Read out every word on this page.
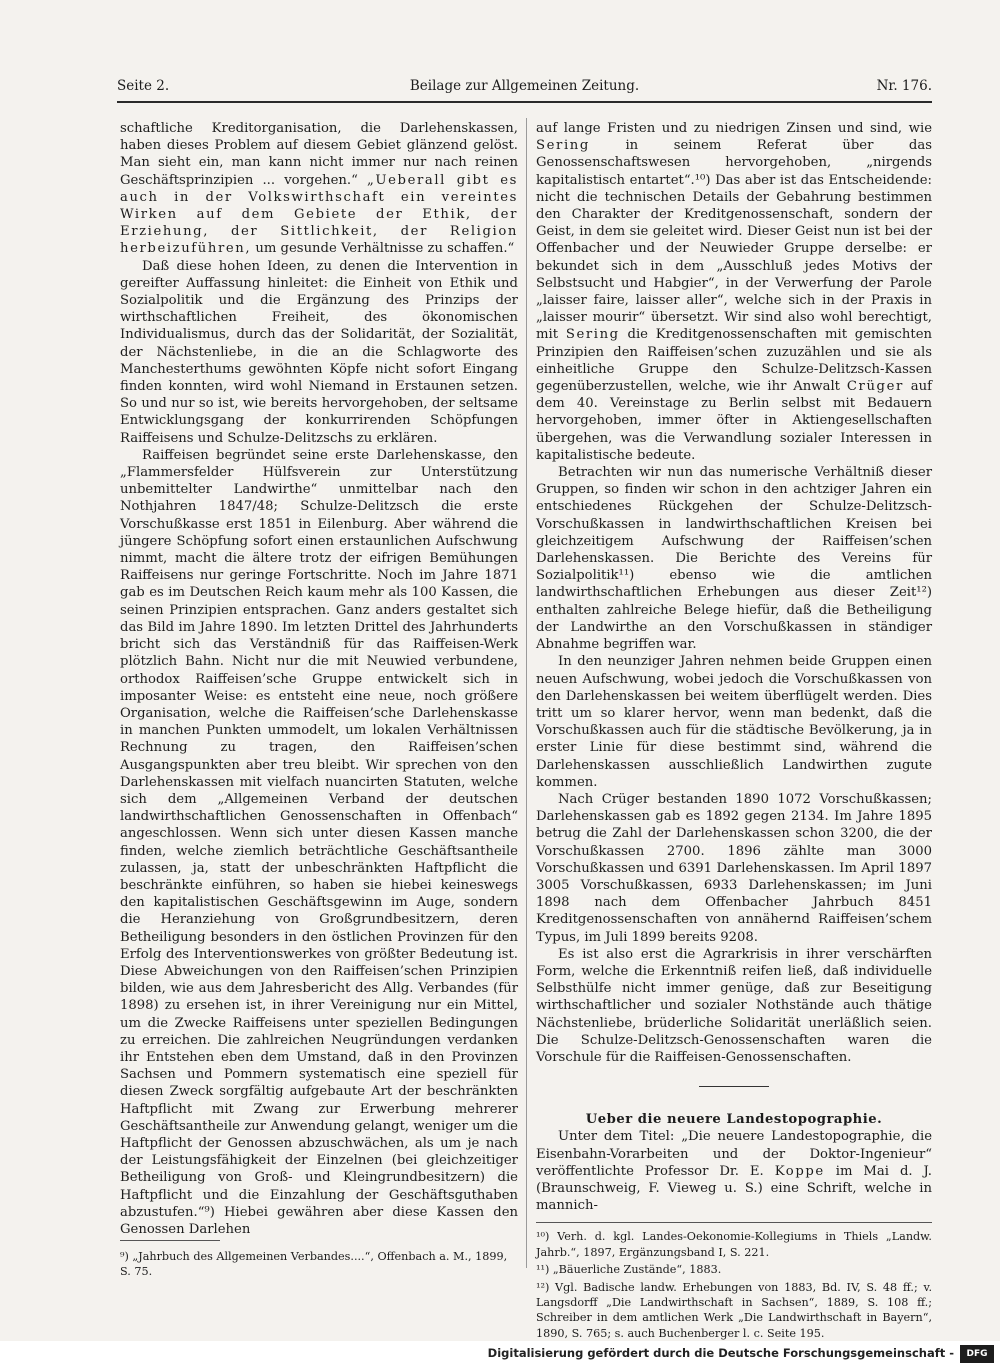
Seite 2.	Beilage zur Allgemeinen Zeitung.	Nr. 176.

schaftliche Kreditorganisation, die Darlehenskassen, haben dieses Problem auf diesem Gebiet glänzend gelöst. Man sieht ein, man kann nicht immer nur nach reinen Geschäftsprinzipien ... vorgehen.“ „Ueberall gibt es auch in der Volkswirthschaft ein vereintes Wirken auf dem Gebiete der Ethik, der Erziehung, der Sittlichkeit, der Religion herbeizuführen, um gesunde Verhältnisse zu schaffen.“

Daß diese hohen Ideen, zu denen die Intervention in gereifter Auffassung hinleitet: die Einheit von Ethik und Sozialpolitik und die Ergänzung des Prinzips der wirthschaftlichen Freiheit, des ökonomischen Individualismus, durch das der Solidarität, der Sozialität, der Nächstenliebe, in die an die Schlagworte des Manchesterthums gewöhnten Köpfe nicht sofort Eingang finden konnten, wird wohl Niemand in Erstaunen setzen. So und nur so ist, wie bereits hervorgehoben, der seltsame Entwicklungsgang der konkurrirenden Schöpfungen Raiffeisens und Schulze-Delitzschs zu erklären.

Raiffeisen begründet seine erste Darlehenskasse, den „Flammersfelder Hülfsverein zur Unterstützung unbemittelter Landwirthe“ unmittelbar nach den Nothjahren 1847/48; Schulze-Delitzsch die erste Vorschußkasse erst 1851 in Eilenburg. Aber während die jüngere Schöpfung sofort einen erstaunlichen Aufschwung nimmt, macht die ältere trotz der eifrigen Bemühungen Raiffeisens nur geringe Fortschritte. Noch im Jahre 1871 gab es im Deutschen Reich kaum mehr als 100 Kassen, die seinen Prinzipien entsprachen. Ganz anders gestaltet sich das Bild im Jahre 1890. Im letzten Drittel des Jahrhunderts bricht sich das Verständniß für das Raiffeisen-Werk plötzlich Bahn. Nicht nur die mit Neuwied verbundene, orthodox Raiffeisen’sche Gruppe entwickelt sich in imposanter Weise: es entsteht eine neue, noch größere Organisation, welche die Raiffeisen’sche Darlehenskasse in manchen Punkten ummodelt, um lokalen Verhältnissen Rechnung zu tragen, den Raiffeisen’schen Ausgangspunkten aber treu bleibt. Wir sprechen von den Darlehenskassen mit vielfach nuancirten Statuten, welche sich dem „Allgemeinen Verband der deutschen landwirthschaftlichen Genossenschaften in Offenbach“ angeschlossen. Wenn sich unter diesen Kassen manche finden, welche ziemlich beträchtliche Geschäftsantheile zulassen, ja, statt der unbeschränkten Haftpflicht die beschränkte einführen, so haben sie hiebei keineswegs den kapitalistischen Geschäftsgewinn im Auge, sondern die Heranziehung von Großgrundbesitzern, deren Betheiligung besonders in den östlichen Provinzen für den Erfolg des Interventionswerkes von größter Bedeutung ist. Diese Abweichungen von den Raiffeisen’schen Prinzipien bilden, wie aus dem Jahresbericht des Allg. Verbandes (für 1898) zu ersehen ist, in ihrer Vereinigung nur ein Mittel, um die Zwecke Raiffeisens unter speziellen Bedingungen zu erreichen. Die zahlreichen Neugründungen verdanken ihr Entstehen eben dem Umstand, daß in den Provinzen Sachsen und Pommern systematisch eine speziell für diesen Zweck sorgfältig aufgebaute Art der beschränkten Haftpflicht mit Zwang zur Erwerbung mehrerer Geschäftsantheile zur Anwendung gelangt, weniger um die Haftpflicht der Genossen abzuschwächen, als um je nach der Leistungsfähigkeit der Einzelnen (bei gleichzeitiger Betheiligung von Groß- und Kleingrundbesitzern) die Haftpflicht und die Einzahlung der Geschäftsguthaben abzustufen.“⁹) Hiebei gewähren aber diese Kassen den Genossen Darlehen

⁹) „Jahrbuch des Allgemeinen Verbandes....“, Offenbach a. M., 1899, S. 75.

auf lange Fristen und zu niedrigen Zinsen und sind, wie Sering in seinem Referat über das Genossenschaftswesen hervorgehoben, „nirgends kapitalistisch entartet“.¹⁰) Das aber ist das Entscheidende: nicht die technischen Details der Gebahrung bestimmen den Charakter der Kreditgenossenschaft, sondern der Geist, in dem sie geleitet wird. Dieser Geist nun ist bei der Offenbacher und der Neuwieder Gruppe derselbe: er bekundet sich in dem „Ausschluß jedes Motivs der Selbstsucht und Habgier“, in der Verwerfung der Parole „laisser faire, laisser aller“, welche sich in der Praxis in „laisser mourir“ übersetzt. Wir sind also wohl berechtigt, mit Sering die Kreditgenossenschaften mit gemischten Prinzipien den Raiffeisen’schen zuzuzählen und sie als einheitliche Gruppe den Schulze-Delitzsch-Kassen gegenüberzustellen, welche, wie ihr Anwalt Crüger auf dem 40. Vereinstage zu Berlin selbst mit Bedauern hervorgehoben, immer öfter in Aktiengesellschaften übergehen, was die Verwandlung sozialer Interessen in kapitalistische bedeute.

Betrachten wir nun das numerische Verhältniß dieser Gruppen, so finden wir schon in den achtziger Jahren ein entschiedenes Rückgehen der Schulze-Delitzsch-Vorschußkassen in landwirthschaftlichen Kreisen bei gleichzeitigem Aufschwung der Raiffeisen’schen Darlehenskassen. Die Berichte des Vereins für Sozialpolitik¹¹) ebenso wie die amtlichen landwirthschaftlichen Erhebungen aus dieser Zeit¹²) enthalten zahlreiche Belege hiefür, daß die Betheiligung der Landwirthe an den Vorschußkassen in ständiger Abnahme begriffen war.

In den neunziger Jahren nehmen beide Gruppen einen neuen Aufschwung, wobei jedoch die Vorschußkassen von den Darlehenskassen bei weitem überflügelt werden. Dies tritt um so klarer hervor, wenn man bedenkt, daß die Vorschußkassen auch für die städtische Bevölkerung, ja in erster Linie für diese bestimmt sind, während die Darlehenskassen ausschließlich Landwirthen zugute kommen.

Nach Crüger bestanden 1890 1072 Vorschußkassen; Darlehenskassen gab es 1892 gegen 2134. Im Jahre 1895 betrug die Zahl der Darlehenskassen schon 3200, die der Vorschußkassen 2700. 1896 zählte man 3000 Vorschußkassen und 6391 Darlehenskassen. Im April 1897 3005 Vorschußkassen, 6933 Darlehenskassen; im Juni 1898 nach dem Offenbacher Jahrbuch 8451 Kreditgenossenschaften von annähernd Raiffeisen’schem Typus, im Juli 1899 bereits 9208.

Es ist also erst die Agrarkrisis in ihrer verschärften Form, welche die Erkenntniß reifen ließ, daß individuelle Selbsthülfe nicht immer genüge, daß zur Beseitigung wirthschaftlicher und sozialer Nothstände auch thätige Nächstenliebe, brüderliche Solidarität unerläßlich seien. Die Schulze-Delitzsch-Genossenschaften waren die Vorschule für die Raiffeisen-Genossenschaften.

Ueber die neuere Landestopographie.

Unter dem Titel: „Die neuere Landestopographie, die Eisenbahn-Vorarbeiten und der Doktor-Ingenieur“ veröffentlichte Professor Dr. E. Koppe im Mai d. J. (Braunschweig, F. Vieweg u. S.) eine Schrift, welche in mannich-

¹⁰) Verh. d. kgl. Landes-Oekonomie-Kollegiums in Thiels „Landw. Jahrb.“, 1897, Ergänzungsband I, S. 221.

¹¹) „Bäuerliche Zustände“, 1883.

¹²) Vgl. Badische landw. Erhebungen von 1883, Bd. IV, S. 48 ff.; v. Langsdorff „Die Landwirthschaft in Sachsen“, 1889, S. 108 ff.; Schreiber in dem amtlichen Werk „Die Landwirthschaft in Bayern“, 1890, S. 765; s. auch Buchenberger l. c. Seite 195.

Digitalisierung gefördert durch die Deutsche Forschungsgemeinschaft -	DFG
